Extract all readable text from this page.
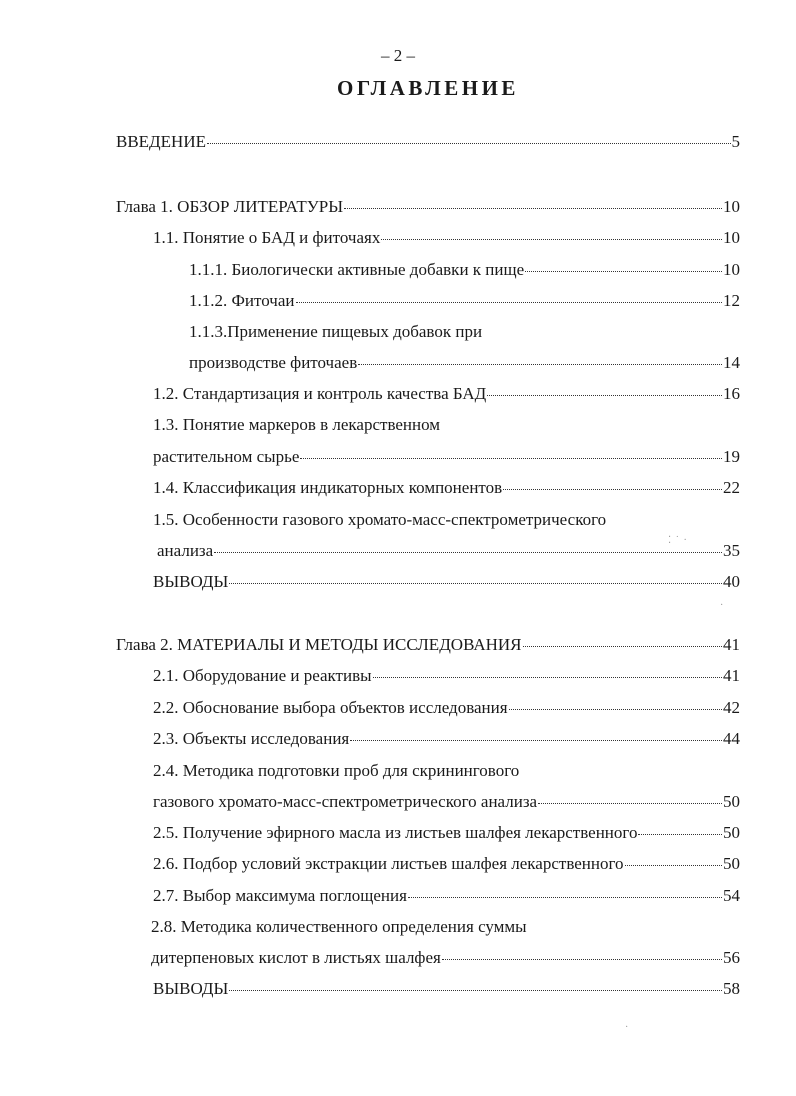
– 2 –
ОГЛАВЛЕНИЕ
ВВЕДЕНИЕ	5
Глава 1. ОБЗОР ЛИТЕРАТУРЫ	10
1.1. Понятие о БАД и фиточаях	10
1.1.1. Биологически активные добавки к пище	10
1.1.2. Фиточаи	12
1.1.3.Применение пищевых добавок при
производстве фиточаев	14
1.2. Стандартизация и контроль качества БАД	16
1.3. Понятие маркеров в лекарственном
растительном сырье	19
1.4. Классификация индикаторных компонентов	22
1.5. Особенности газового хромато-масс-спектрометрического
анализа	35
ВЫВОДЫ	40
Глава 2. МАТЕРИАЛЫ И МЕТОДЫ ИССЛЕДОВАНИЯ	41
2.1. Оборудование и реактивы	41
2.2. Обоснование выбора объектов исследования	42
2.3. Объекты исследования	44
2.4. Методика подготовки проб для скринингового
газового хромато-масс-спектрометрического анализа	50
2.5. Получение эфирного масла из листьев шалфея лекарственного	50
2.6. Подбор условий экстракции листьев шалфея лекарственного	50
2.7. Выбор максимума поглощения	54
2.8. Методика количественного определения суммы
дитерпеновых кислот в листьях шалфея	56
ВЫВОДЫ	58
⁚ ˙ ·
·
·
